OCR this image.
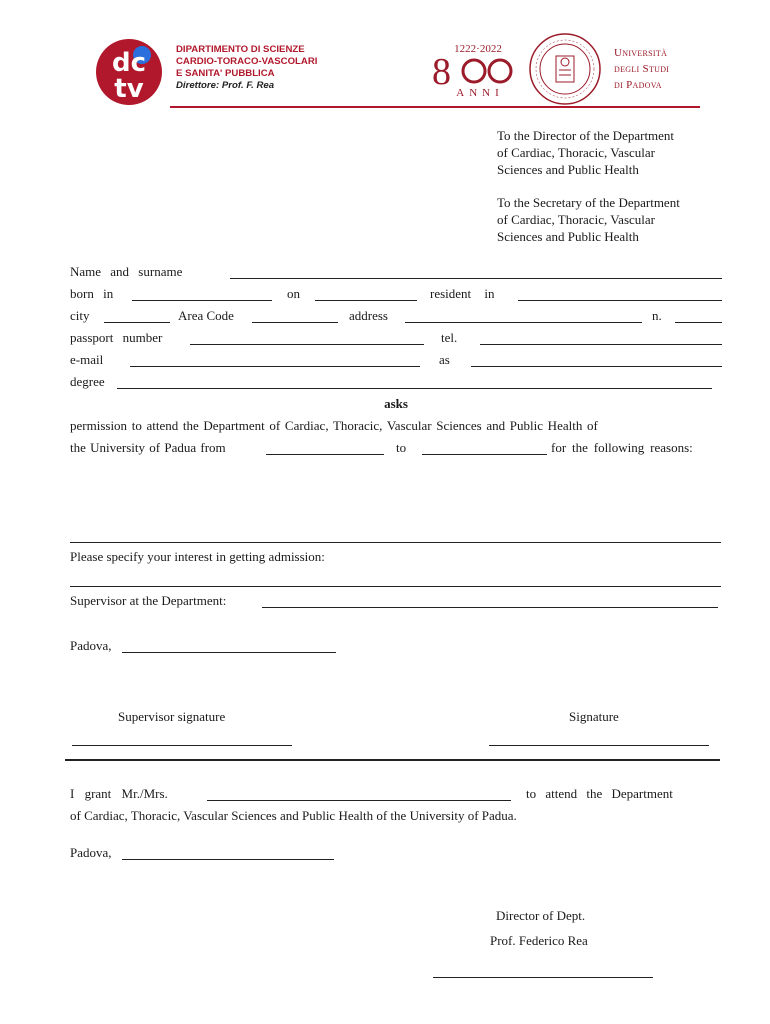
dc
tv
DIPARTIMENTO DI SCIENZE
CARDIO-TORACO-VASCOLARI
E SANITA' PUBBLICA
Direttore: Prof. F. Rea
1222·2022
8 ANNI
Università
degli Studi
di Padova
To the Director of the Department
of Cardiac, Thoracic, Vascular
Sciences and Public Health
To the Secretary of the Department
of Cardiac, Thoracic, Vascular
Sciences and Public Health
Name and surname
born in	on	resident in
city	Area Code	address	n.
passport number	tel.
e-mail	as
degree
asks
permission to attend the Department of Cardiac, Thoracic, Vascular Sciences and Public Health of
the University of Padua from	to	for the following reasons:
Please specify your interest in getting admission:
Supervisor at the Department:
Padova,
Supervisor signature	Signature
I grant Mr./Mrs.	to attend the Department
of Cardiac, Thoracic, Vascular Sciences and Public Health of the University of Padua.
Padova,
Director of Dept.
Prof. Federico Rea
